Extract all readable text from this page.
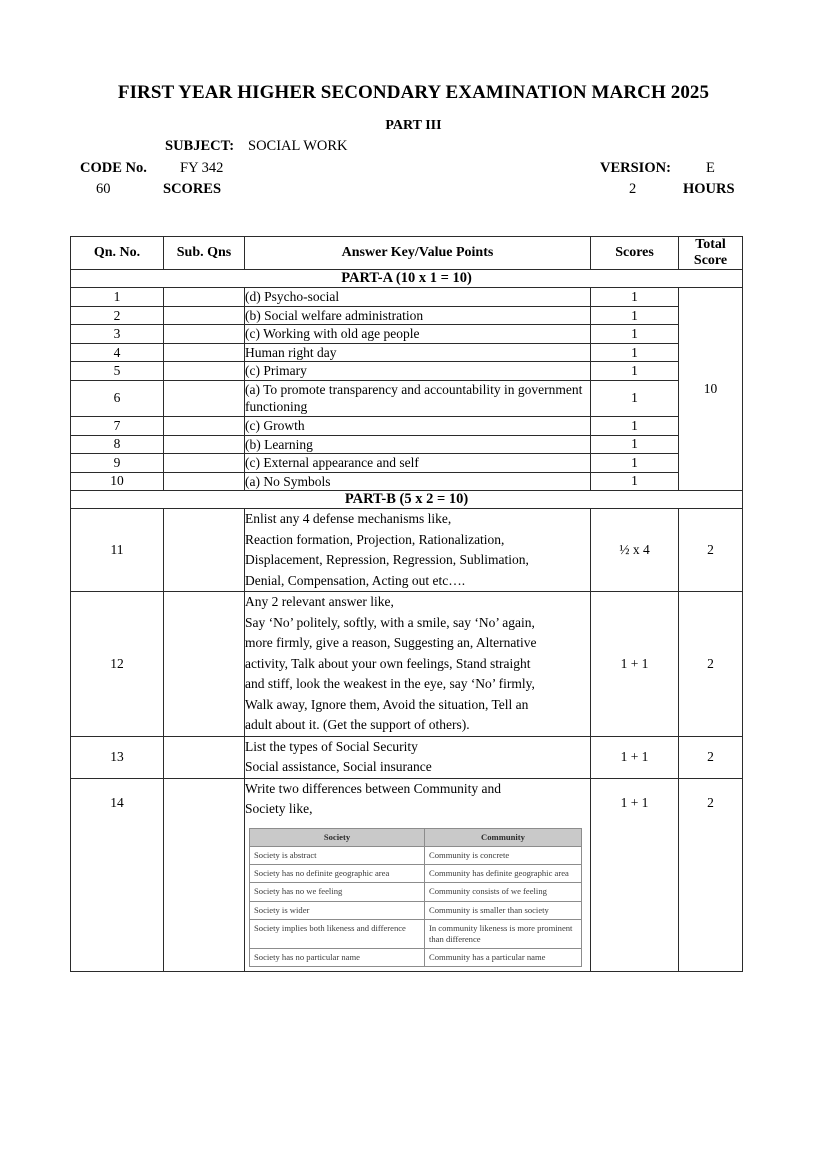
FIRST YEAR HIGHER SECONDARY EXAMINATION MARCH 2025
PART III
SUBJECT: SOCIAL WORK
CODE No. FY 342
60	SCORES
VERSION: E
2	HOURS
Qn. No.	Sub. Qns	Answer Key/Value Points	Scores	Total
Score
PART-A (10 x 1 = 10)
1		(d) Psycho-social	1	10
2		(b) Social welfare administration	1
3		(c) Working with old age people	1
4		Human right day	1
5		(c) Primary	1
6		(a) To promote transparency and accountability in government functioning	1
7		(c) Growth	1
8		(b) Learning	1
9		(c) External appearance and self	1
10		(a) No Symbols	1
PART-B (5 x 2 = 10)
11		
Enlist any 4 defense mechanisms like,
Reaction formation, Projection, Rationalization,
Displacement, Repression, Regression, Sublimation,
Denial, Compensation, Acting out etc….
	½ x 4	2
12		
Any 2 relevant answer like,
Say ‘No’ politely, softly, with a smile, say ‘No’ again,
more firmly, give a reason, Suggesting an, Alternative
activity, Talk about your own feelings, Stand straight
and stiff, look the weakest in the eye, say ‘No’ firmly,
Walk away, Ignore them, Avoid the situation, Tell an
adult about it. (Get the support of others).
	1 + 1	2
13		
List the types of Social Security
Social assistance, Social insurance
	1 + 1	2
14		
Write two differences between Community and
Society like,
Society	Community
Society is abstract	Community is concrete
Society has no definite geographic area	Community has definite geographic area
Society has no we feeling	Community consists of we feeling
Society is wider	Community is smaller than society
Society implies both likeness and difference	In community likeness is more prominent than difference
Society has no particular name	Community has a particular name
	1 + 1	2
